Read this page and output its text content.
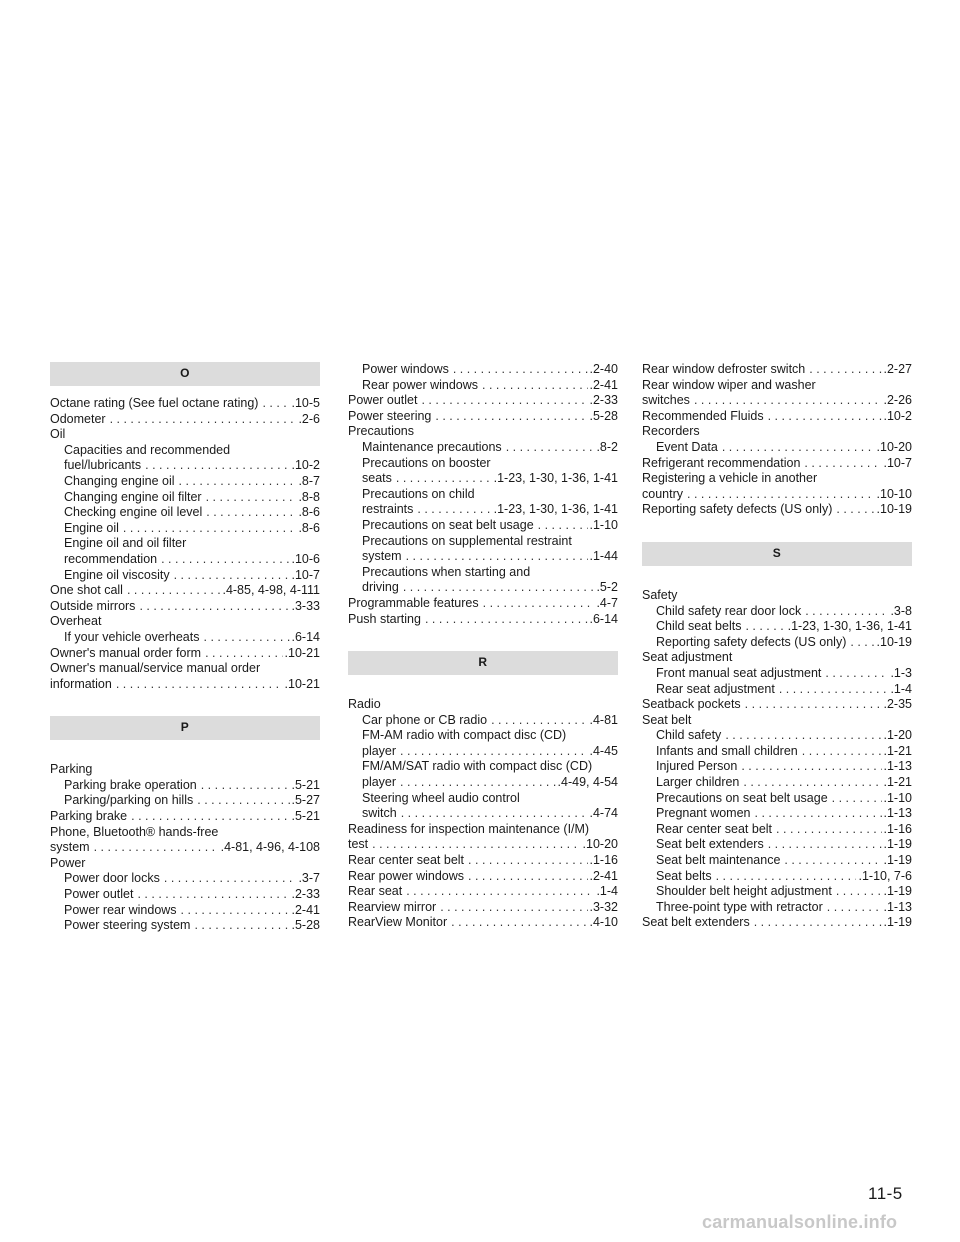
O
Octane rating (See fuel octane rating) . . .	.10-5
Odometer . . .	.2-6
Oil
Capacities and recommended
fuel/lubricants . . .	.10-2
Changing engine oil . . .	.8-7
Changing engine oil filter . . .	.8-8
Checking engine oil level . . .	.8-6
Engine oil . . .	.8-6
Engine oil and oil filter
recommendation . . .	.10-6
Engine oil viscosity . . .	.10-7
One shot call . . .	.4-85, 4-98, 4-111
Outside mirrors . . .	.3-33
Overheat
If your vehicle overheats . . .	.6-14
Owner's manual order form . . .	.10-21
Owner's manual/service manual order
information . . .	.10-21
P
Parking
Parking brake operation . . .	.5-21
Parking/parking on hills . . .	.5-27
Parking brake . . .	.5-21
Phone, Bluetooth® hands-free
system . . .	.4-81, 4-96, 4-108
Power
Power door locks . . .	.3-7
Power outlet . . .	.2-33
Power rear windows . . .	.2-41
Power steering system . . .	.5-28
Power windows . . .	.2-40
Rear power windows . . .	.2-41
Power outlet . . .	.2-33
Power steering . . .	.5-28
Precautions
Maintenance precautions . . .	.8-2
Precautions on booster
seats . . .	.1-23, 1-30, 1-36, 1-41
Precautions on child
restraints . . .	.1-23, 1-30, 1-36, 1-41
Precautions on seat belt usage . . .	.1-10
Precautions on supplemental restraint
system . . .	.1-44
Precautions when starting and
driving . . .	.5-2
Programmable features . . .	.4-7
Push starting . . .	.6-14
R
Radio
Car phone or CB radio . . .	.4-81
FM-AM radio with compact disc (CD)
player . . .	.4-45
FM/AM/SAT radio with compact disc (CD)
player . . .	.4-49, 4-54
Steering wheel audio control
switch . . .	.4-74
Readiness for inspection maintenance (I/M)
test . . .	.10-20
Rear center seat belt . . .	.1-16
Rear power windows . . .	.2-41
Rear seat . . .	.1-4
Rearview mirror . . .	.3-32
RearView Monitor . . .	.4-10
Rear window defroster switch . . .	.2-27
Rear window wiper and washer
switches . . .	.2-26
Recommended Fluids . . .	.10-2
Recorders
Event Data . . .	.10-20
Refrigerant recommendation . . .	.10-7
Registering a vehicle in another
country . . .	.10-10
Reporting safety defects (US only) . . .	.10-19
S
Safety
Child safety rear door lock . . .	.3-8
Child seat belts . . .	.1-23, 1-30, 1-36, 1-41
Reporting safety defects (US only) . . . .10-19
Seat adjustment
Front manual seat adjustment . . .	.1-3
Rear seat adjustment . . .	.1-4
Seatback pockets . . .	.2-35
Seat belt
Child safety . . .	.1-20
Infants and small children . . .	.1-21
Injured Person . . .	.1-13
Larger children . . .	.1-21
Precautions on seat belt usage . . .	.1-10
Pregnant women . . .	.1-13
Rear center seat belt . . .	.1-16
Seat belt extenders . . .	.1-19
Seat belt maintenance . . .	.1-19
Seat belts . . .	.1-10, 7-6
Shoulder belt height adjustment . . .	.1-19
Three-point type with retractor . . .	.1-13
Seat belt extenders . . .	.1-19
11-5
carmanualsonline.info
